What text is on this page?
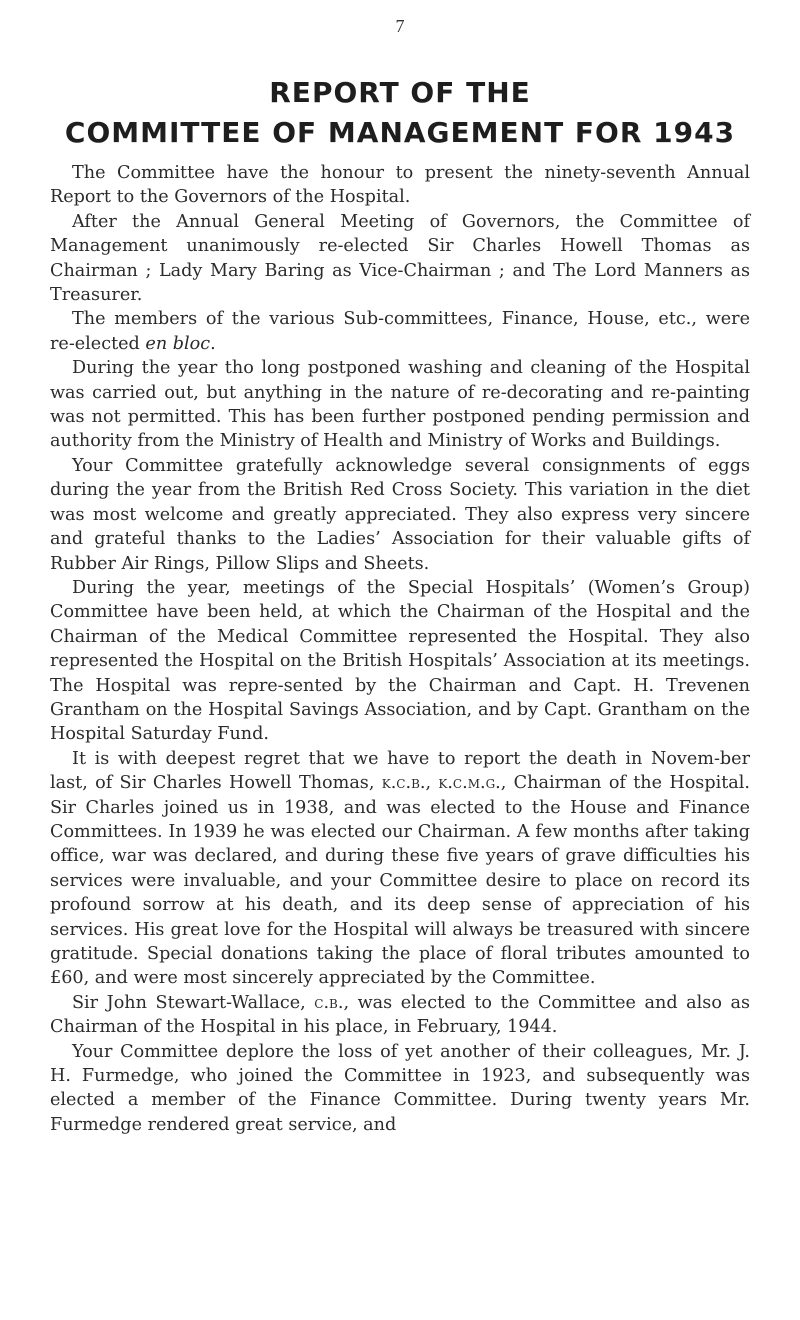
7
REPORT OF THE
COMMITTEE OF MANAGEMENT FOR 1943

The Committee have the honour to present the ninety-seventh Annual Report to the Governors of the Hospital.

After the Annual General Meeting of Governors, the Committee of Management unanimously re-elected Sir Charles Howell Thomas as Chairman ; Lady Mary Baring as Vice-Chairman ; and The Lord Manners as Treasurer.

The members of the various Sub-committees, Finance, House, etc., were re-elected en bloc.

During the year tho long postponed washing and cleaning of the Hospital was carried out, but anything in the nature of re-decorating and re-painting was not permitted. This has been further postponed pending permission and authority from the Ministry of Health and Ministry of Works and Buildings.

Your Committee gratefully acknowledge several consignments of eggs during the year from the British Red Cross Society. This variation in the diet was most welcome and greatly appreciated. They also express very sincere and grateful thanks to the Ladies’ Association for their valuable gifts of Rubber Air Rings, Pillow Slips and Sheets.

During the year, meetings of the Special Hospitals’ (Women’s Group) Committee have been held, at which the Chairman of the Hospital and the Chairman of the Medical Committee represented the Hospital. They also represented the Hospital on the British Hospitals’ Association at its meetings. The Hospital was repre-sented by the Chairman and Capt. H. Trevenen Grantham on the Hospital Savings Association, and by Capt. Grantham on the Hospital Saturday Fund.

It is with deepest regret that we have to report the death in Novem-ber last, of Sir Charles Howell Thomas, k.c.b., k.c.m.g., Chairman of the Hospital. Sir Charles joined us in 1938, and was elected to the House and Finance Committees. In 1939 he was elected our Chairman. A few months after taking office, war was declared, and during these five years of grave difficulties his services were invaluable, and your Committee desire to place on record its profound sorrow at his death, and its deep sense of appreciation of his services. His great love for the Hospital will always be treasured with sincere gratitude. Special donations taking the place of floral tributes amounted to £60, and were most sincerely appreciated by the Committee.

Sir John Stewart-Wallace, c.b., was elected to the Committee and also as Chairman of the Hospital in his place, in February, 1944.

Your Committee deplore the loss of yet another of their colleagues, Mr. J. H. Furmedge, who joined the Committee in 1923, and subsequently was elected a member of the Finance Committee. During twenty years Mr. Furmedge rendered great service, and
